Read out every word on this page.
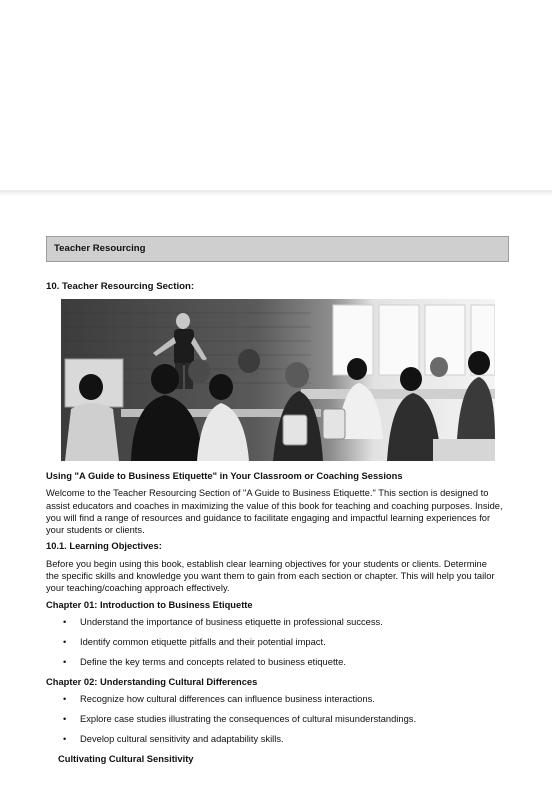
Teacher Resourcing
10. Teacher Resourcing Section:

Using "A Guide to Business Etiquette" in Your Classroom or Coaching Sessions

Welcome to the Teacher Resourcing Section of "A Guide to Business Etiquette." This section is designed to
assist educators and coaches in maximizing the value of this book for teaching and coaching purposes. Inside,
you will find a range of resources and guidance to facilitate engaging and impactful learning experiences for
your students or clients.

10.1. Learning Objectives:

Before you begin using this book, establish clear learning objectives for your students or clients. Determine
the specific skills and knowledge you want them to gain from each section or chapter. This will help you tailor
your teaching/coaching approach effectively.

Chapter 01: Introduction to Business Etiquette

• Understand the importance of business etiquette in professional success.
• Identify common etiquette pitfalls and their potential impact.
• Define the key terms and concepts related to business etiquette.

Chapter 02: Understanding Cultural Differences

• Recognize how cultural differences can influence business interactions.
• Explore case studies illustrating the consequences of cultural misunderstandings.
• Develop cultural sensitivity and adaptability skills.

Cultivating Cultural Sensitivity
